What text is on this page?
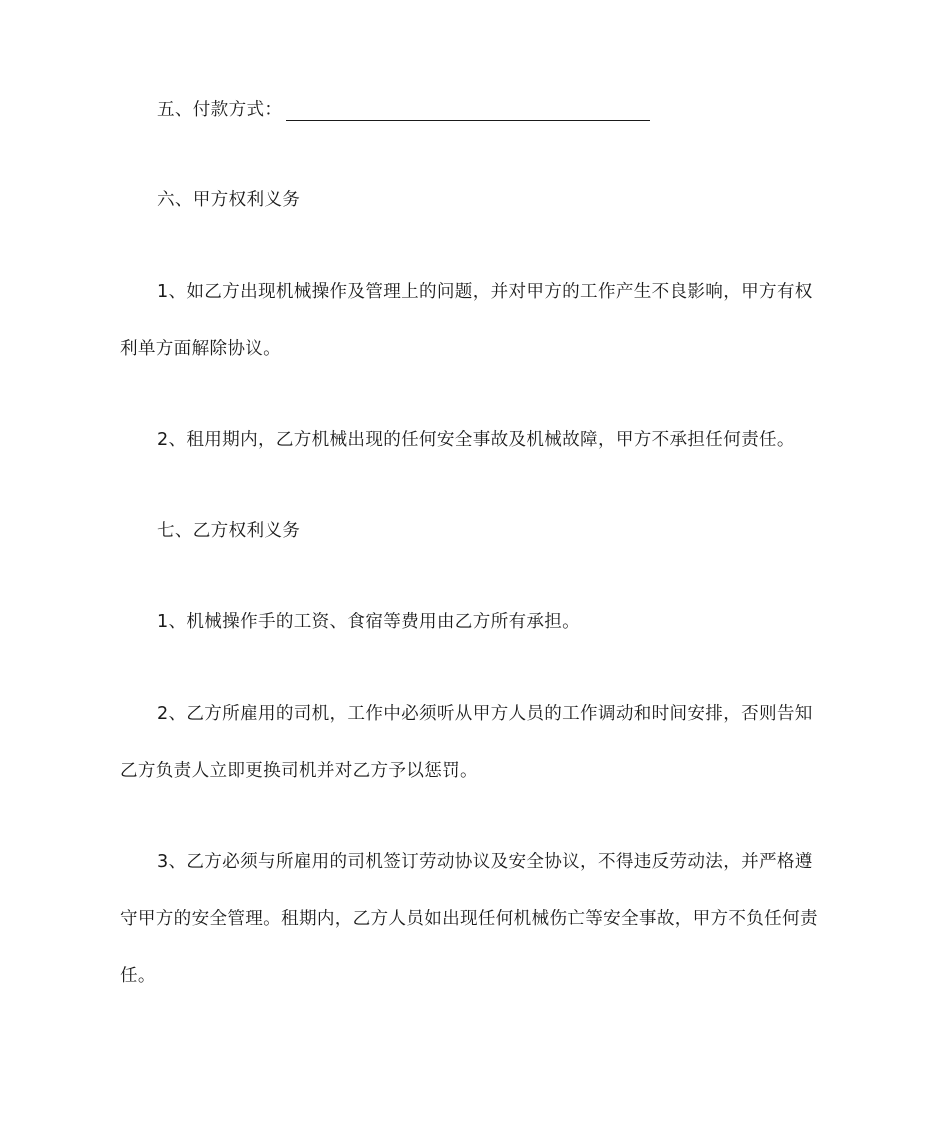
五、付款方式：
六、甲方权利义务
1、如乙方出现机械操作及管理上的问题，并对甲方的工作产生不良影响，甲方有权
利单方面解除协议。
2、租用期内，乙方机械出现的任何安全事故及机械故障，甲方不承担任何责任。
七、乙方权利义务
1、机械操作手的工资、食宿等费用由乙方所有承担。
2、乙方所雇用的司机，工作中必须听从甲方人员的工作调动和时间安排，否则告知
乙方负责人立即更换司机并对乙方予以惩罚。
3、乙方必须与所雇用的司机签订劳动协议及安全协议，不得违反劳动法，并严格遵
守甲方的安全管理。租期内，乙方人员如出现任何机械伤亡等安全事故，甲方不负任何责
任。
